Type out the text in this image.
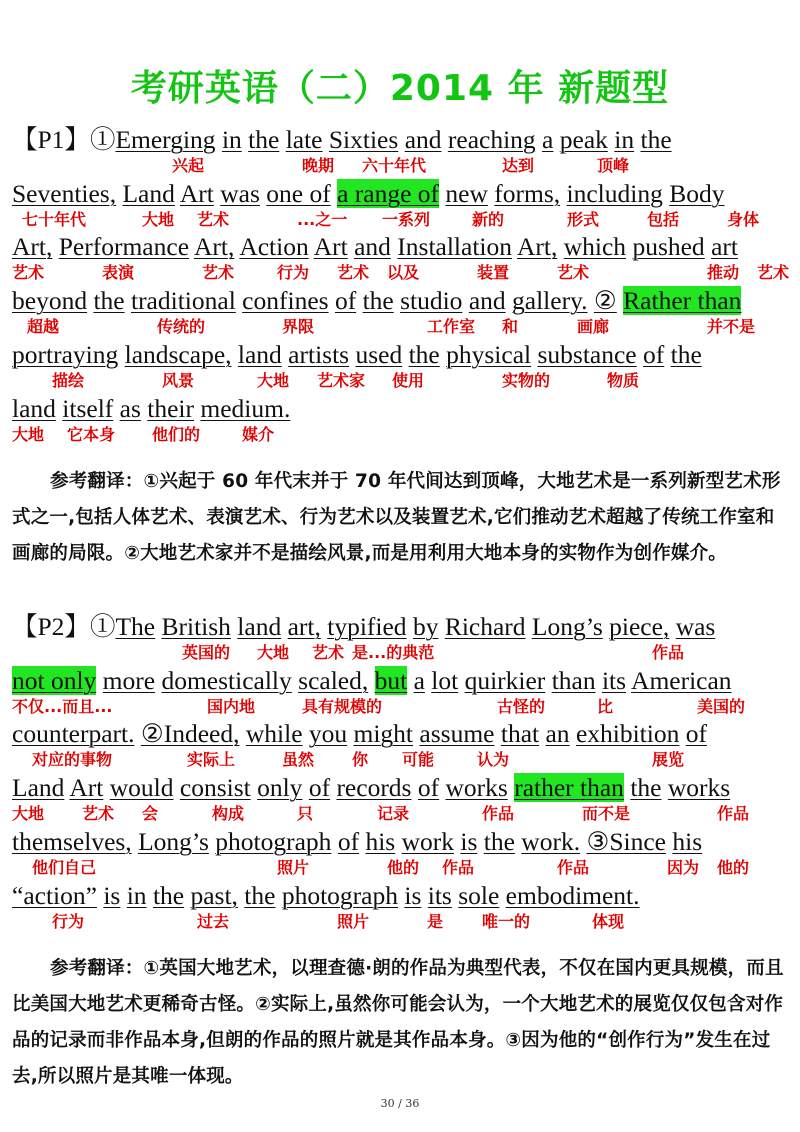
考研英语（二）2014 年 新题型
【P1】①Emerging in the late Sixties and reaching a peak in the
兴起	晚期 六十年代	达到	顶峰
Seventies, Land Art was one of a range of new forms, including Body
七十年代	大地 艺术	...之一 一系列	新的	形式	包括	身体
Art, Performance Art, Action Art and Installation Art, which pushed art
艺术	表演	艺术	行为 艺术 以及	装置	艺术	推动 艺术
beyond the traditional confines of the studio and gallery. ② Rather than
超越	传统的	界限	工作室 和	画廊	并不是
portraying landscape, land artists used the physical substance of the
描绘	风景	大地 艺术家 使用	实物的	物质
land itself as their medium.
大地 它本身 他们的	媒介
参考翻译：①兴起于 60 年代末并于 70 年代间达到顶峰，大地艺术是一系列新型艺术形式之一,包括人体艺术、表演艺术、行为艺术以及装置艺术,它们推动艺术超越了传统工作室和画廊的局限。②大地艺术家并不是描绘风景,而是用利用大地本身的实物作为创作媒介。
【P2】①The British land art, typified by Richard Long’s piece, was
英国的 大地 艺术 是...的典范	作品
not only more domestically scaled, but a lot quirkier than its American
不仅...而且...	国内地	具有规模的	古怪的	比	美国的
counterpart. ②Indeed, while you might assume that an exhibition of
对应的事物	实际上	虽然 你 可能	认为	展览
Land Art would consist only of records of works rather than the works
大地 艺术 会	构成	只	记录	作品	而不是	作品
themselves, Long’s photograph of his work is the work. ③Since his
他们自己	照片	他的 作品	作品	因为 他的
“action” is in the past, the photograph is its sole embodiment.
行为	过去	照片	是 唯一的	体现
参考翻译：①英国大地艺术，以理查德·朗的作品为典型代表，不仅在国内更具规模，而且比美国大地艺术更稀奇古怪。②实际上,虽然你可能会认为，一个大地艺术的展览仅仅包含对作品的记录而非作品本身,但朗的作品的照片就是其作品本身。③因为他的“创作行为”发生在过去,所以照片是其唯一体现。
30 / 36
